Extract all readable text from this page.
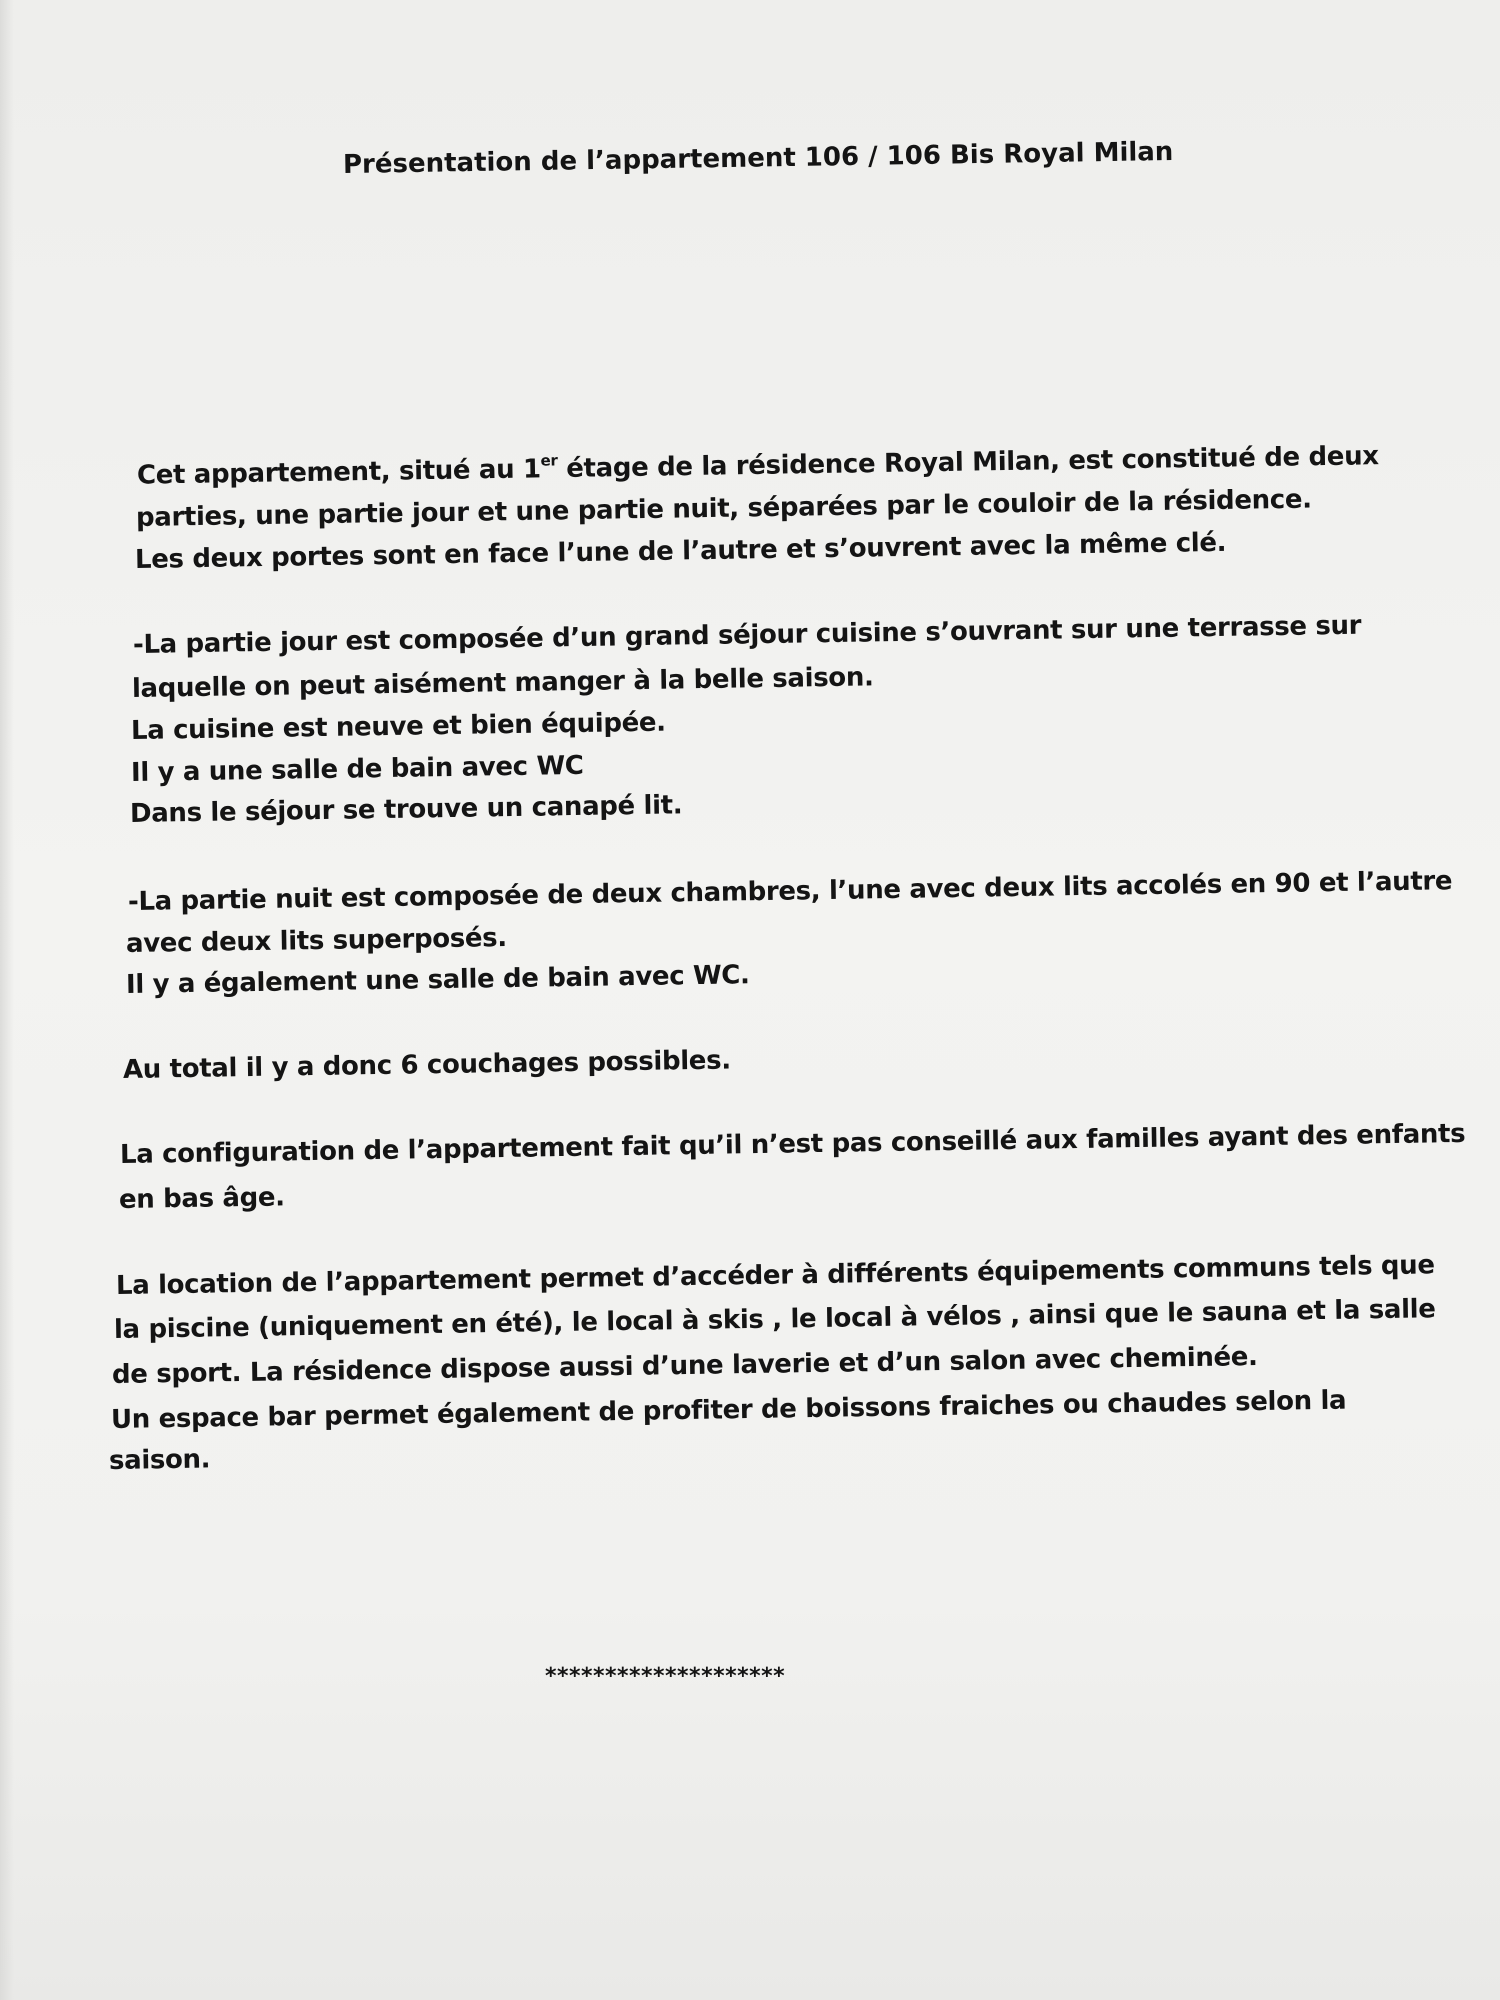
Présentation de l’appartement 106 / 106 Bis Royal Milan
Cet appartement, situé au 1er étage de la résidence Royal Milan, est constitué de deux
parties, une partie jour et une partie nuit, séparées par le couloir de la résidence.
Les deux portes sont en face l’une de l’autre et s’ouvrent avec la même clé.
-La partie jour est composée d’un grand séjour cuisine s’ouvrant sur une terrasse sur
laquelle on peut aisément manger à la belle saison.
La cuisine est neuve et bien équipée.
Il y a une salle de bain avec WC
Dans le séjour se trouve un canapé lit.
-La partie nuit est composée de deux chambres, l’une avec deux lits accolés en 90 et l’autre
avec deux lits superposés.
Il y a également une salle de bain avec WC.
Au total il y a donc 6 couchages possibles.
La configuration de l’appartement fait qu’il n’est pas conseillé aux familles ayant des enfants
en bas âge.
La location de l’appartement permet d’accéder à différents équipements communs tels que
la piscine (uniquement en été), le local à skis , le local à vélos , ainsi que le sauna et la salle
de sport. La résidence dispose aussi d’une laverie et d’un salon avec cheminée.
Un espace bar permet également de profiter de boissons fraiches ou chaudes selon la
saison.
********************
